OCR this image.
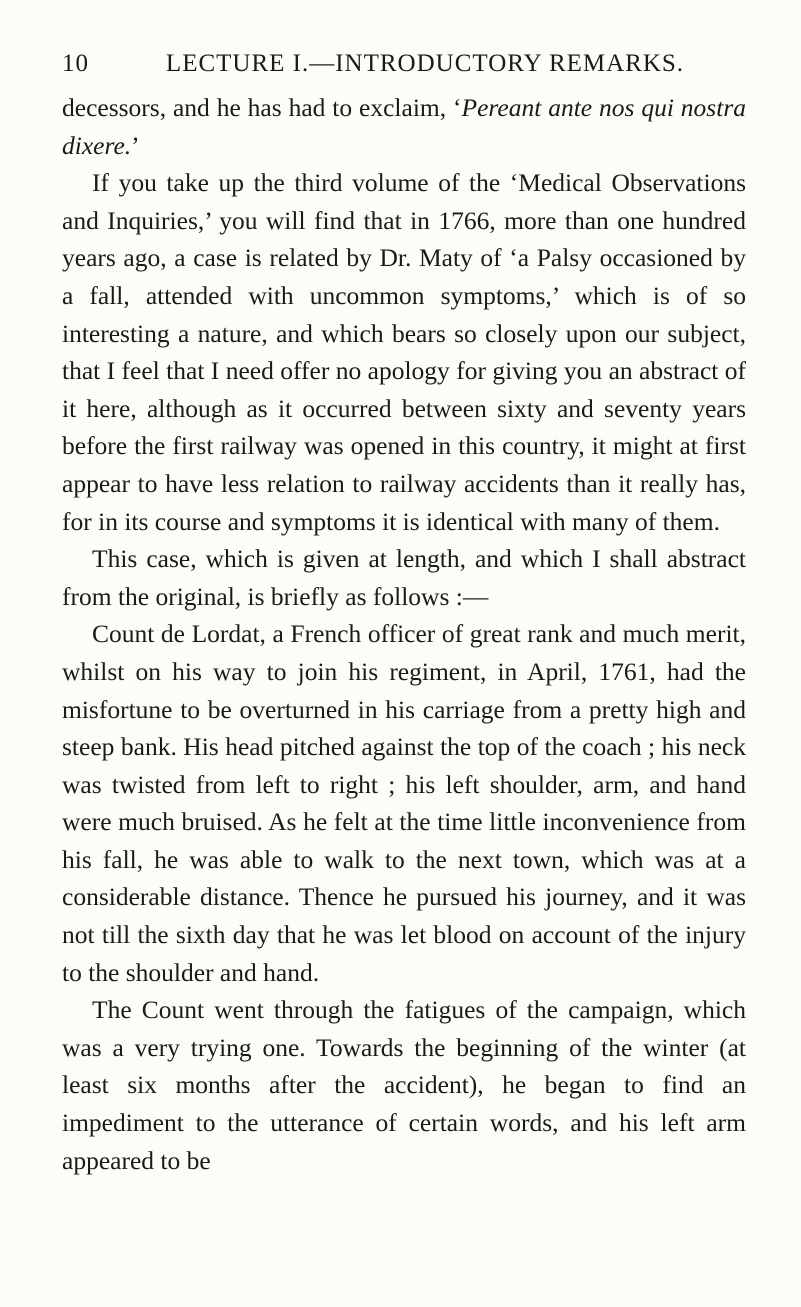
10	LECTURE I.—INTRODUCTORY REMARKS.

decessors, and he has had to exclaim, ‘Pereant ante nos qui nostra dixere.’

If you take up the third volume of the ‘Medical Observations and Inquiries,’ you will find that in 1766, more than one hundred years ago, a case is related by Dr. Maty of ‘a Palsy occasioned by a fall, attended with uncommon symptoms,’ which is of so interesting a nature, and which bears so closely upon our subject, that I feel that I need offer no apology for giving you an abstract of it here, although as it occurred between sixty and seventy years before the first railway was opened in this country, it might at first appear to have less relation to railway accidents than it really has, for in its course and symptoms it is identical with many of them.

This case, which is given at length, and which I shall abstract from the original, is briefly as follows :—

Count de Lordat, a French officer of great rank and much merit, whilst on his way to join his regiment, in April, 1761, had the misfortune to be overturned in his carriage from a pretty high and steep bank. His head pitched against the top of the coach ; his neck was twisted from left to right ; his left shoulder, arm, and hand were much bruised. As he felt at the time little inconvenience from his fall, he was able to walk to the next town, which was at a considerable distance. Thence he pursued his journey, and it was not till the sixth day that he was let blood on account of the injury to the shoulder and hand.

The Count went through the fatigues of the campaign, which was a very trying one. Towards the beginning of the winter (at least six months after the accident), he began to find an impediment to the utterance of certain words, and his left arm appeared to be
